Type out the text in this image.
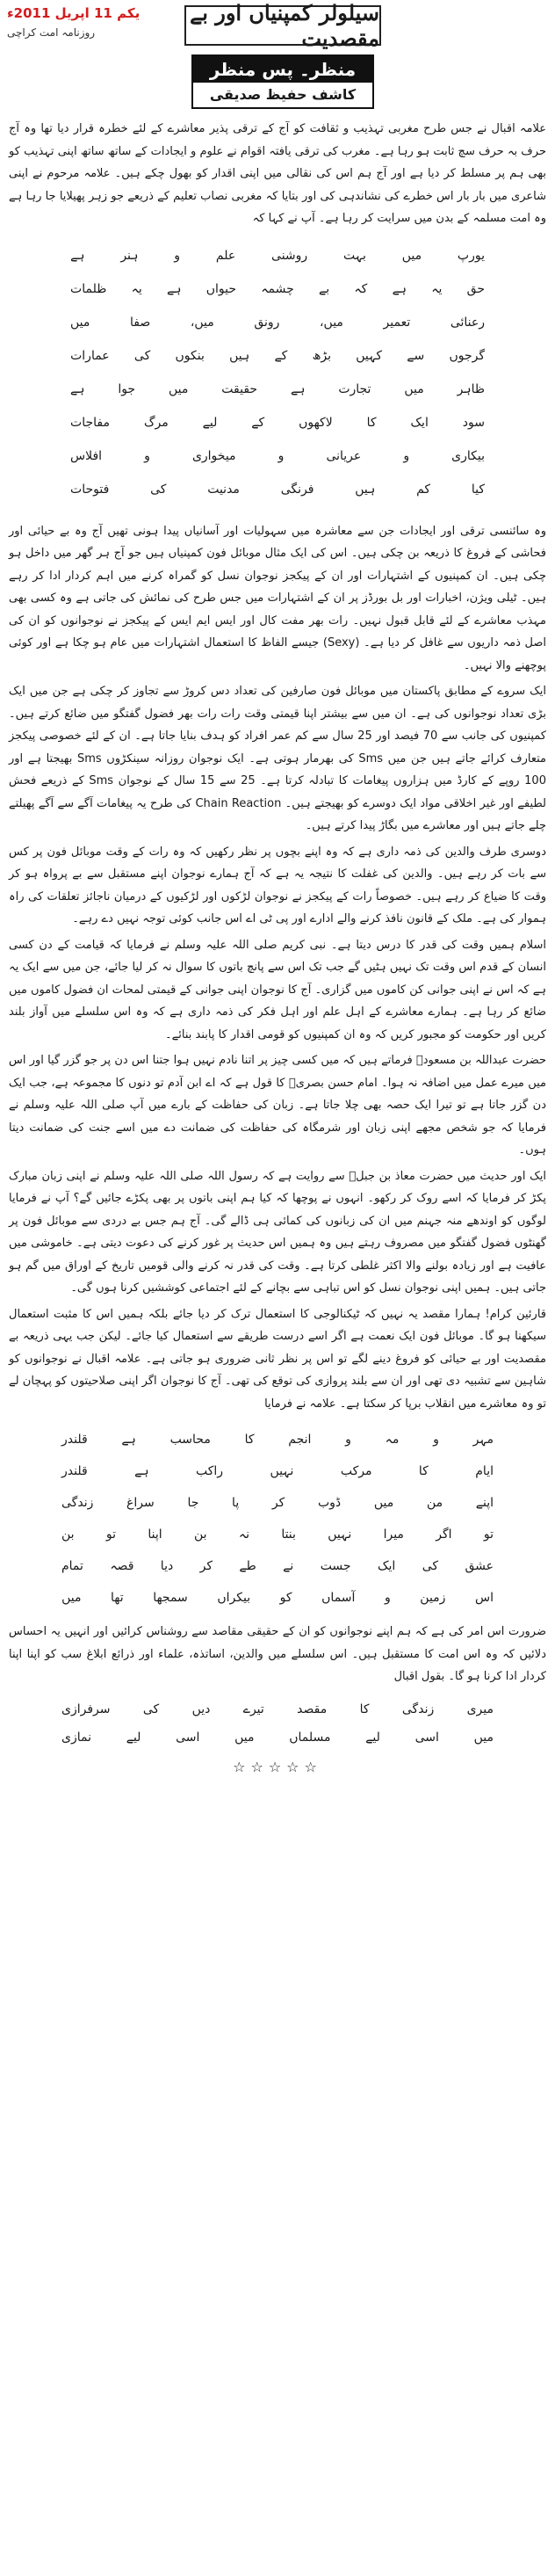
یکم 11 اپریل 2011ء
روزنامہ امت کراچی
سیلولر کمپنیاں اور بے مقصدیت
منظر۔ پس منظر
کاشف حفیظ صدیقی

علامہ اقبال نے جس طرح مغربی تہذیب و ثقافت کو آج کے ترقی پذیر معاشرے کے لئے خطرہ قرار دیا تھا وہ آج حرف بہ حرف سچ ثابت ہو رہا ہے۔ مغرب کی ترقی یافتہ اقوام نے علوم و ایجادات کے ساتھ ساتھ اپنی تہذیب کو بھی ہم پر مسلط کر دیا ہے اور آج ہم اس کی نقالی میں اپنی اقدار کو بھول چکے ہیں۔ علامہ مرحوم نے اپنی شاعری میں بار بار اس خطرے کی نشاندہی کی اور بتایا کہ مغربی نصاب تعلیم کے ذریعے جو زہر پھیلایا جا رہا ہے وہ امت مسلمہ کے بدن میں سرایت کر رہا ہے۔ آپ نے کہا کہ

یورپ
میں
بہت
روشنی
علم
و
ہنر
ہے
حق
یہ
ہے
کہ
بے
چشمہ
حیواں
ہے
یہ
ظلمات
رعنائی
تعمیر
میں،
رونق
میں،
صفا
میں
گرجوں
سے
کہیں
بڑھ
کے
ہیں
بنکوں
کی
عمارات
ظاہر
میں
تجارت
ہے
حقیقت
میں
جوا
ہے
سود
ایک
کا
لاکھوں
کے
لیے
مرگ
مفاجات
بیکاری
و
عریانی
و
میخواری
و
افلاس
کیا
کم
ہیں
فرنگی
مدنیت
کی
فتوحات

وہ سائنسی ترقی اور ایجادات جن سے معاشرہ میں سہولیات اور آسانیاں پیدا ہونی تھیں آج وہ بے حیائی اور فحاشی کے فروغ کا ذریعہ بن چکی ہیں۔ اس کی ایک مثال موبائل فون کمپنیاں ہیں جو آج ہر گھر میں داخل ہو چکی ہیں۔ ان کمپنیوں کے اشتہارات اور ان کے پیکجز نوجوان نسل کو گمراہ کرنے میں اہم کردار ادا کر رہے ہیں۔ ٹیلی ویژن، اخبارات اور بل بورڈز پر ان کے اشتہارات میں جس طرح کی نمائش کی جاتی ہے وہ کسی بھی مہذب معاشرے کے لئے قابل قبول نہیں۔ رات بھر مفت کال اور ایس ایم ایس کے پیکجز نے نوجوانوں کو ان کی اصل ذمہ داریوں سے غافل کر دیا ہے۔ (Sexy) جیسے الفاظ کا استعمال اشتہارات میں عام ہو چکا ہے اور کوئی پوچھنے والا نہیں۔

ایک سروے کے مطابق پاکستان میں موبائل فون صارفین کی تعداد دس کروڑ سے تجاوز کر چکی ہے جن میں ایک بڑی تعداد نوجوانوں کی ہے۔ ان میں سے بیشتر اپنا قیمتی وقت رات رات بھر فضول گفتگو میں ضائع کرتے ہیں۔ کمپنیوں کی جانب سے 70 فیصد اور 25 سال سے کم عمر افراد کو ہدف بنایا جاتا ہے۔ ان کے لئے خصوصی پیکجز متعارف کرائے جاتے ہیں جن میں Sms کی بھرمار ہوتی ہے۔ ایک نوجوان روزانہ سینکڑوں Sms بھیجتا ہے اور 100 روپے کے کارڈ میں ہزاروں پیغامات کا تبادلہ کرتا ہے۔ 25 سے 15 سال کے نوجوان Sms کے ذریعے فحش لطیفے اور غیر اخلاقی مواد ایک دوسرے کو بھیجتے ہیں۔ Chain Reaction کی طرح یہ پیغامات آگے سے آگے پھیلتے چلے جاتے ہیں اور معاشرے میں بگاڑ پیدا کرتے ہیں۔

دوسری طرف والدین کی ذمہ داری ہے کہ وہ اپنے بچوں پر نظر رکھیں کہ وہ رات کے وقت موبائل فون پر کس سے بات کر رہے ہیں۔ والدین کی غفلت کا نتیجہ یہ ہے کہ آج ہمارے نوجوان اپنے مستقبل سے بے پرواہ ہو کر وقت کا ضیاع کر رہے ہیں۔ خصوصاً رات کے پیکجز نے نوجوان لڑکوں اور لڑکیوں کے درمیان ناجائز تعلقات کی راہ ہموار کی ہے۔ ملک کے قانون نافذ کرنے والے ادارے اور پی ٹی اے اس جانب کوئی توجہ نہیں دے رہے۔

اسلام ہمیں وقت کی قدر کا درس دیتا ہے۔ نبی کریم صلی اللہ علیہ وسلم نے فرمایا کہ قیامت کے دن کسی انسان کے قدم اس وقت تک نہیں ہٹیں گے جب تک اس سے پانچ باتوں کا سوال نہ کر لیا جائے، جن میں سے ایک یہ ہے کہ اس نے اپنی جوانی کن کاموں میں گزاری۔ آج کا نوجوان اپنی جوانی کے قیمتی لمحات ان فضول کاموں میں ضائع کر رہا ہے۔ ہمارے معاشرے کے اہل علم اور اہل فکر کی ذمہ داری ہے کہ وہ اس سلسلے میں آواز بلند کریں اور حکومت کو مجبور کریں کہ وہ ان کمپنیوں کو قومی اقدار کا پابند بنائے۔

حضرت عبداللہ بن مسعودؓ فرماتے ہیں کہ میں کسی چیز پر اتنا نادم نہیں ہوا جتنا اس دن پر جو گزر گیا اور اس میں میرے عمل میں اضافہ نہ ہوا۔ امام حسن بصریؒ کا قول ہے کہ اے ابن آدم تو دنوں کا مجموعہ ہے، جب ایک دن گزر جاتا ہے تو تیرا ایک حصہ بھی چلا جاتا ہے۔ زبان کی حفاظت کے بارے میں آپ صلی اللہ علیہ وسلم نے فرمایا کہ جو شخص مجھے اپنی زبان اور شرمگاہ کی حفاظت کی ضمانت دے میں اسے جنت کی ضمانت دیتا ہوں۔

ایک اور حدیث میں حضرت معاذ بن جبلؓ سے روایت ہے کہ رسول اللہ صلی اللہ علیہ وسلم نے اپنی زبان مبارک پکڑ کر فرمایا کہ اسے روک کر رکھو۔ انہوں نے پوچھا کہ کیا ہم اپنی باتوں پر بھی پکڑے جائیں گے؟ آپ نے فرمایا لوگوں کو اوندھے منہ جہنم میں ان کی زبانوں کی کمائی ہی ڈالے گی۔ آج ہم جس بے دردی سے موبائل فون پر گھنٹوں فضول گفتگو میں مصروف رہتے ہیں وہ ہمیں اس حدیث پر غور کرنے کی دعوت دیتی ہے۔ خاموشی میں عافیت ہے اور زیادہ بولنے والا اکثر غلطی کرتا ہے۔ وقت کی قدر نہ کرنے والی قومیں تاریخ کے اوراق میں گم ہو جاتی ہیں۔ ہمیں اپنی نوجوان نسل کو اس تباہی سے بچانے کے لئے اجتماعی کوششیں کرنا ہوں گی۔

قارئین کرام! ہمارا مقصد یہ نہیں کہ ٹیکنالوجی کا استعمال ترک کر دیا جائے بلکہ ہمیں اس کا مثبت استعمال سیکھنا ہو گا۔ موبائل فون ایک نعمت ہے اگر اسے درست طریقے سے استعمال کیا جائے۔ لیکن جب یہی ذریعہ بے مقصدیت اور بے حیائی کو فروغ دینے لگے تو اس پر نظر ثانی ضروری ہو جاتی ہے۔ علامہ اقبال نے نوجوانوں کو شاہین سے تشبیہ دی تھی اور ان سے بلند پروازی کی توقع کی تھی۔ آج کا نوجوان اگر اپنی صلاحیتوں کو پہچان لے تو وہ معاشرے میں انقلاب برپا کر سکتا ہے۔ علامہ نے فرمایا

مہر
و
مہ
و
انجم
کا
محاسب
ہے
قلندر
ایام
کا
مرکب
نہیں
راکب
ہے
قلندر
اپنے
من
میں
ڈوب
کر
پا
جا
سراغ
زندگی
تو
اگر
میرا
نہیں
بنتا
نہ
بن
اپنا
تو
بن
عشق
کی
ایک
جست
نے
طے
کر
دیا
قصہ
تمام
اس
زمین
و
آسماں
کو
بیکراں
سمجھا
تھا
میں

ضرورت اس امر کی ہے کہ ہم اپنے نوجوانوں کو ان کے حقیقی مقاصد سے روشناس کرائیں اور انہیں یہ احساس دلائیں کہ وہ اس امت کا مستقبل ہیں۔ اس سلسلے میں والدین، اساتذہ، علماء اور ذرائع ابلاغ سب کو اپنا اپنا کردار ادا کرنا ہو گا۔ بقول اقبال

میری
زندگی
کا
مقصد
تیرے
دیں
کی
سرفرازی
میں
اسی
لیے
مسلماں
میں
اسی
لیے
نمازی
☆☆☆☆☆
